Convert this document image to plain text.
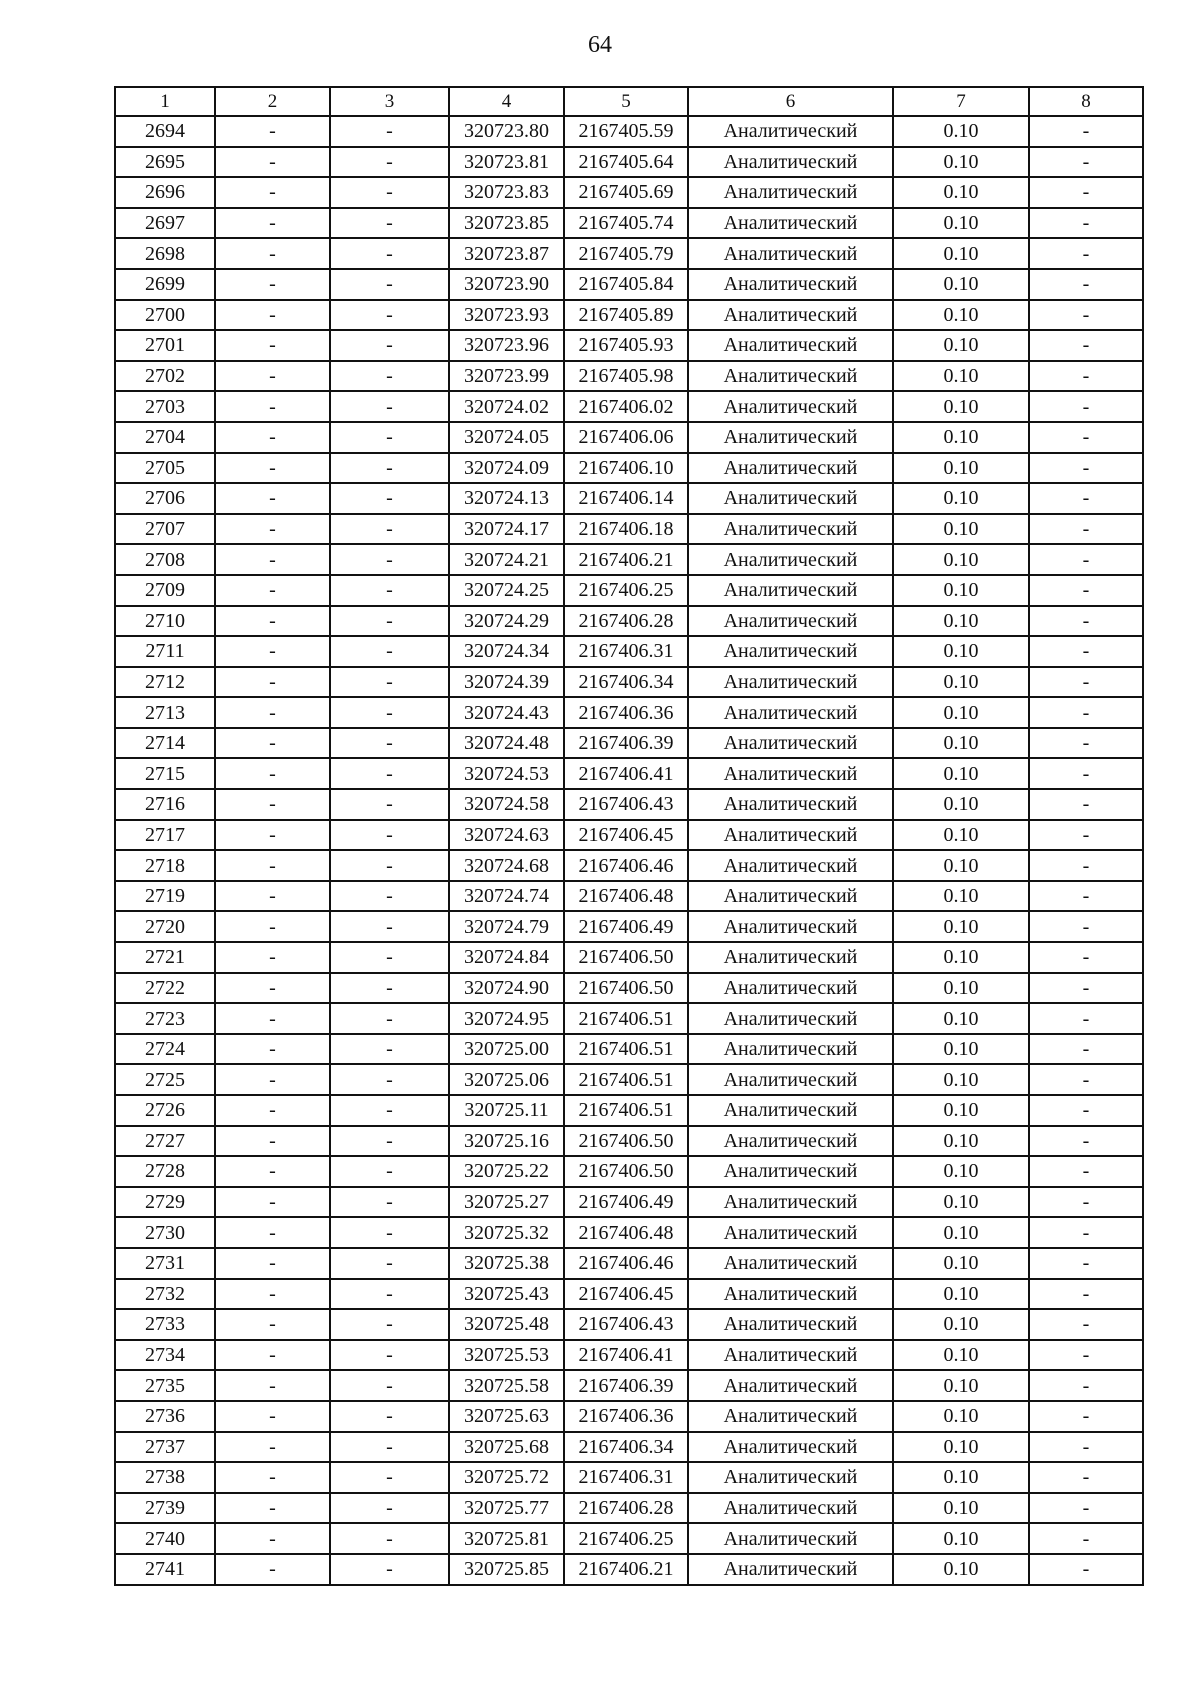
64
1	2	3	4	5	6	7	8
2694	-	-	320723.80	2167405.59	Аналитический	0.10	-
2695	-	-	320723.81	2167405.64	Аналитический	0.10	-
2696	-	-	320723.83	2167405.69	Аналитический	0.10	-
2697	-	-	320723.85	2167405.74	Аналитический	0.10	-
2698	-	-	320723.87	2167405.79	Аналитический	0.10	-
2699	-	-	320723.90	2167405.84	Аналитический	0.10	-
2700	-	-	320723.93	2167405.89	Аналитический	0.10	-
2701	-	-	320723.96	2167405.93	Аналитический	0.10	-
2702	-	-	320723.99	2167405.98	Аналитический	0.10	-
2703	-	-	320724.02	2167406.02	Аналитический	0.10	-
2704	-	-	320724.05	2167406.06	Аналитический	0.10	-
2705	-	-	320724.09	2167406.10	Аналитический	0.10	-
2706	-	-	320724.13	2167406.14	Аналитический	0.10	-
2707	-	-	320724.17	2167406.18	Аналитический	0.10	-
2708	-	-	320724.21	2167406.21	Аналитический	0.10	-
2709	-	-	320724.25	2167406.25	Аналитический	0.10	-
2710	-	-	320724.29	2167406.28	Аналитический	0.10	-
2711	-	-	320724.34	2167406.31	Аналитический	0.10	-
2712	-	-	320724.39	2167406.34	Аналитический	0.10	-
2713	-	-	320724.43	2167406.36	Аналитический	0.10	-
2714	-	-	320724.48	2167406.39	Аналитический	0.10	-
2715	-	-	320724.53	2167406.41	Аналитический	0.10	-
2716	-	-	320724.58	2167406.43	Аналитический	0.10	-
2717	-	-	320724.63	2167406.45	Аналитический	0.10	-
2718	-	-	320724.68	2167406.46	Аналитический	0.10	-
2719	-	-	320724.74	2167406.48	Аналитический	0.10	-
2720	-	-	320724.79	2167406.49	Аналитический	0.10	-
2721	-	-	320724.84	2167406.50	Аналитический	0.10	-
2722	-	-	320724.90	2167406.50	Аналитический	0.10	-
2723	-	-	320724.95	2167406.51	Аналитический	0.10	-
2724	-	-	320725.00	2167406.51	Аналитический	0.10	-
2725	-	-	320725.06	2167406.51	Аналитический	0.10	-
2726	-	-	320725.11	2167406.51	Аналитический	0.10	-
2727	-	-	320725.16	2167406.50	Аналитический	0.10	-
2728	-	-	320725.22	2167406.50	Аналитический	0.10	-
2729	-	-	320725.27	2167406.49	Аналитический	0.10	-
2730	-	-	320725.32	2167406.48	Аналитический	0.10	-
2731	-	-	320725.38	2167406.46	Аналитический	0.10	-
2732	-	-	320725.43	2167406.45	Аналитический	0.10	-
2733	-	-	320725.48	2167406.43	Аналитический	0.10	-
2734	-	-	320725.53	2167406.41	Аналитический	0.10	-
2735	-	-	320725.58	2167406.39	Аналитический	0.10	-
2736	-	-	320725.63	2167406.36	Аналитический	0.10	-
2737	-	-	320725.68	2167406.34	Аналитический	0.10	-
2738	-	-	320725.72	2167406.31	Аналитический	0.10	-
2739	-	-	320725.77	2167406.28	Аналитический	0.10	-
2740	-	-	320725.81	2167406.25	Аналитический	0.10	-
2741	-	-	320725.85	2167406.21	Аналитический	0.10	-
